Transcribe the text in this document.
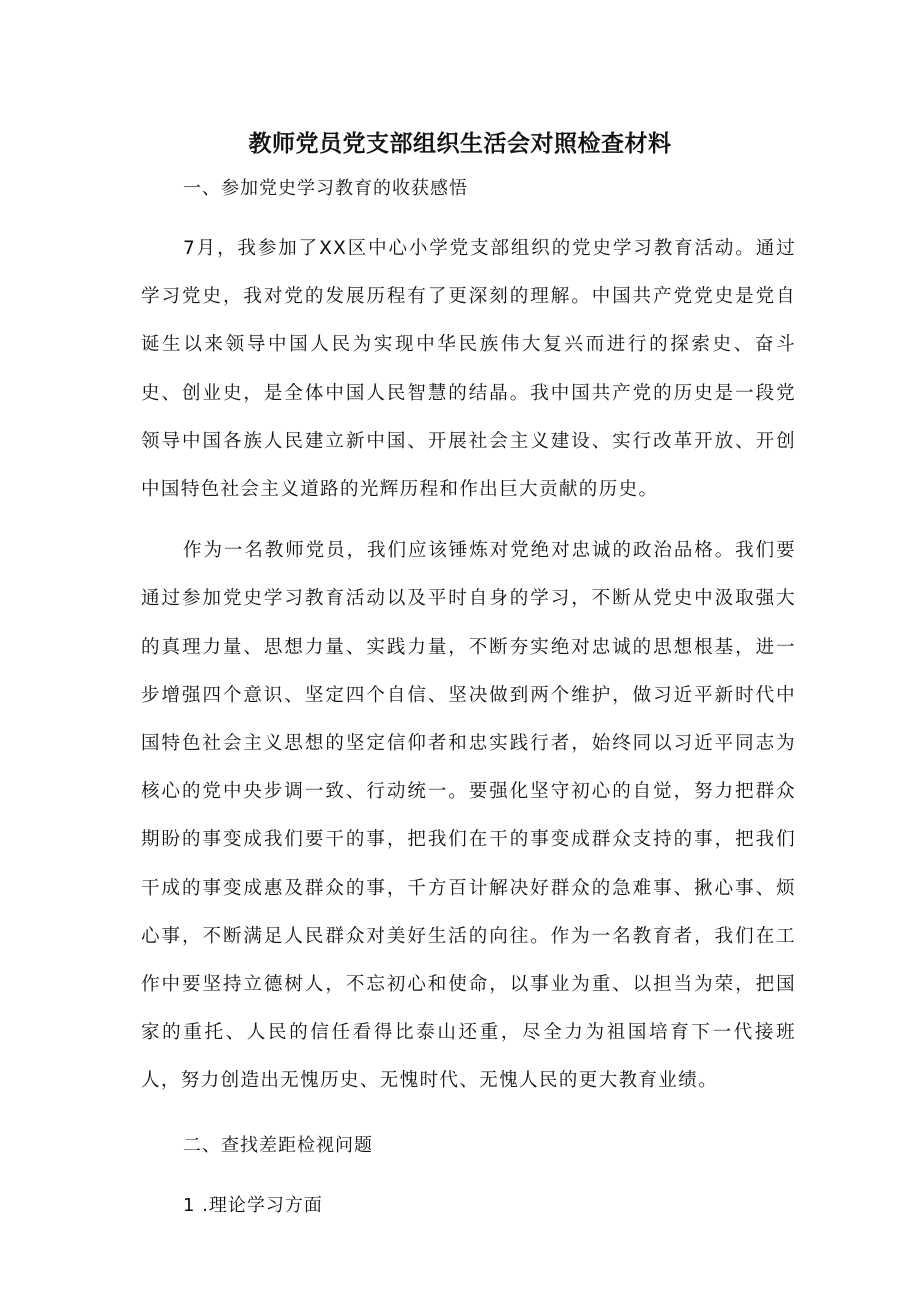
教师党员党支部组织生活会对照检查材料

一、参加党史学习教育的收获感悟

7月，我参加了XX区中心小学党支部组织的党史学习教育活动。通过学习党史，我对党的发展历程有了更深刻的理解。中国共产党党史是党自诞生以来领导中国人民为实现中华民族伟大复兴而进行的探索史、奋斗史、创业史，是全体中国人民智慧的结晶。我中国共产党的历史是一段党领导中国各族人民建立新中国、开展社会主义建设、实行改革开放、开创中国特色社会主义道路的光辉历程和作出巨大贡献的历史。

作为一名教师党员，我们应该锤炼对党绝对忠诚的政治品格。我们要通过参加党史学习教育活动以及平时自身的学习，不断从党史中汲取强大的真理力量、思想力量、实践力量，不断夯实绝对忠诚的思想根基，进一步增强四个意识、坚定四个自信、坚决做到两个维护，做习近平新时代中国特色社会主义思想的坚定信仰者和忠实践行者，始终同以习近平同志为核心的党中央步调一致、行动统一。要强化坚守初心的自觉，努力把群众期盼的事变成我们要干的事，把我们在干的事变成群众支持的事，把我们干成的事变成惠及群众的事，千方百计解决好群众的急难事、揪心事、烦心事，不断满足人民群众对美好生活的向往。作为一名教育者，我们在工作中要坚持立德树人，不忘初心和使命，以事业为重、以担当为荣，把国家的重托、人民的信任看得比泰山还重，尽全力为祖国培育下一代接班人，努力创造出无愧历史、无愧时代、无愧人民的更大教育业绩。

二、查找差距检视问题

1 .理论学习方面
